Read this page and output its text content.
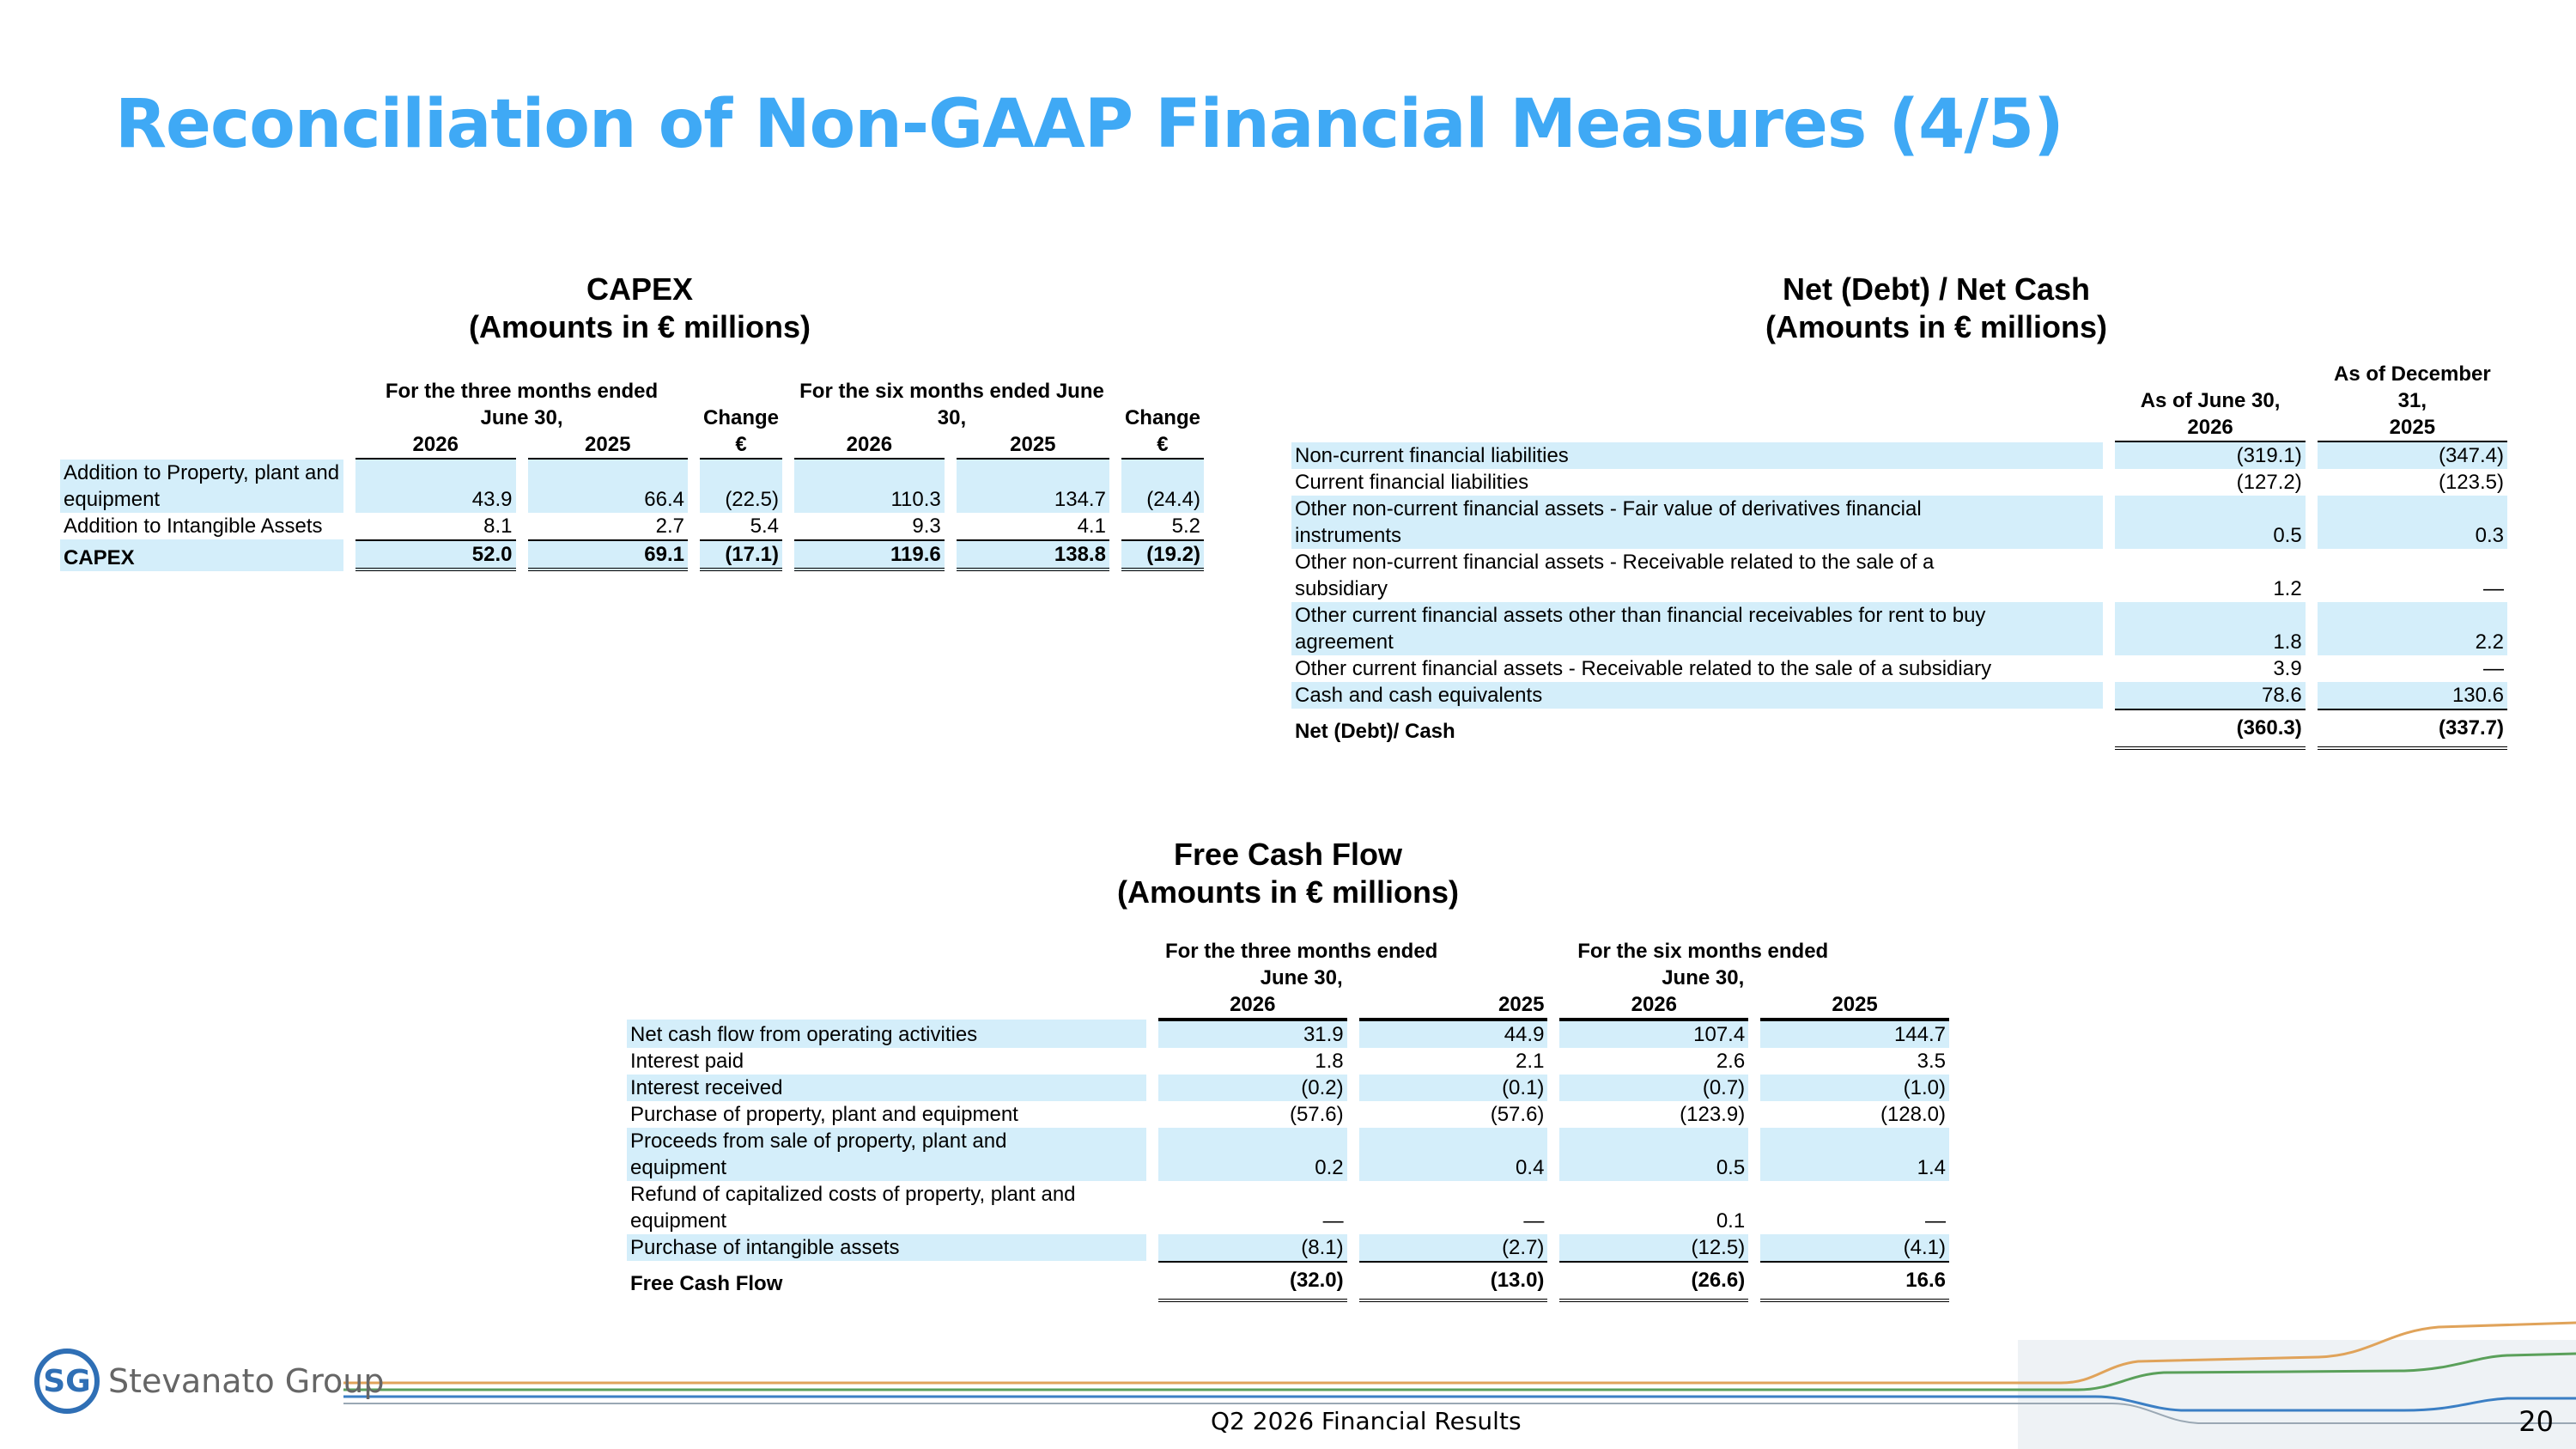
Reconciliation of Non-GAAP Financial Measures (4/5)
CAPEX
(Amounts in € millions)
	For the three months ended June 30,		Change	For the six months ended June 30,		Change
	2026	2025	€	2026	2025	€
Addition to Property, plant and equipment	43.9	66.4	(22.5)	110.3	134.7	(24.4)
Addition to Intangible Assets	8.1	2.7	5.4	9.3	4.1	5.2
CAPEX	52.0	69.1	(17.1)	119.6	138.8	(19.2)
Net (Debt) / Net Cash
(Amounts in € millions)
	As of June 30,	As of December 31,
	2026	2025
Non-current financial liabilities	(319.1)	(347.4)
Current financial liabilities	(127.2)	(123.5)
Other non-current financial assets - Fair value of derivatives financial instruments	0.5	0.3
Other non-current financial assets - Receivable related to the sale of a subsidiary	1.2	—
Other current financial assets other than financial receivables for rent to buy agreement	1.8	2.2
Other current financial assets - Receivable related to the sale of a subsidiary	3.9	—
Cash and cash equivalents	78.6	130.6
Net (Debt)/ Cash	(360.3)	(337.7)
Free Cash Flow
(Amounts in € millions)
	For the three months ended June 30,		For the six months ended June 30,	
	2026	2025	2026	2025
Net cash flow from operating activities	31.9	44.9	107.4	144.7
Interest paid	1.8	2.1	2.6	3.5
Interest received	(0.2)	(0.1)	(0.7)	(1.0)
Purchase of property, plant and equipment	(57.6)	(57.6)	(123.9)	(128.0)
Proceeds from sale of property, plant and equipment	0.2	0.4	0.5	1.4
Refund of capitalized costs of property, plant and equipment	—	—	0.1	—
Purchase of intangible assets	(8.1)	(2.7)	(12.5)	(4.1)
Free Cash Flow	(32.0)	(13.0)	(26.6)	16.6
SG Stevanato Group
Q2 2026 Financial Results	20
